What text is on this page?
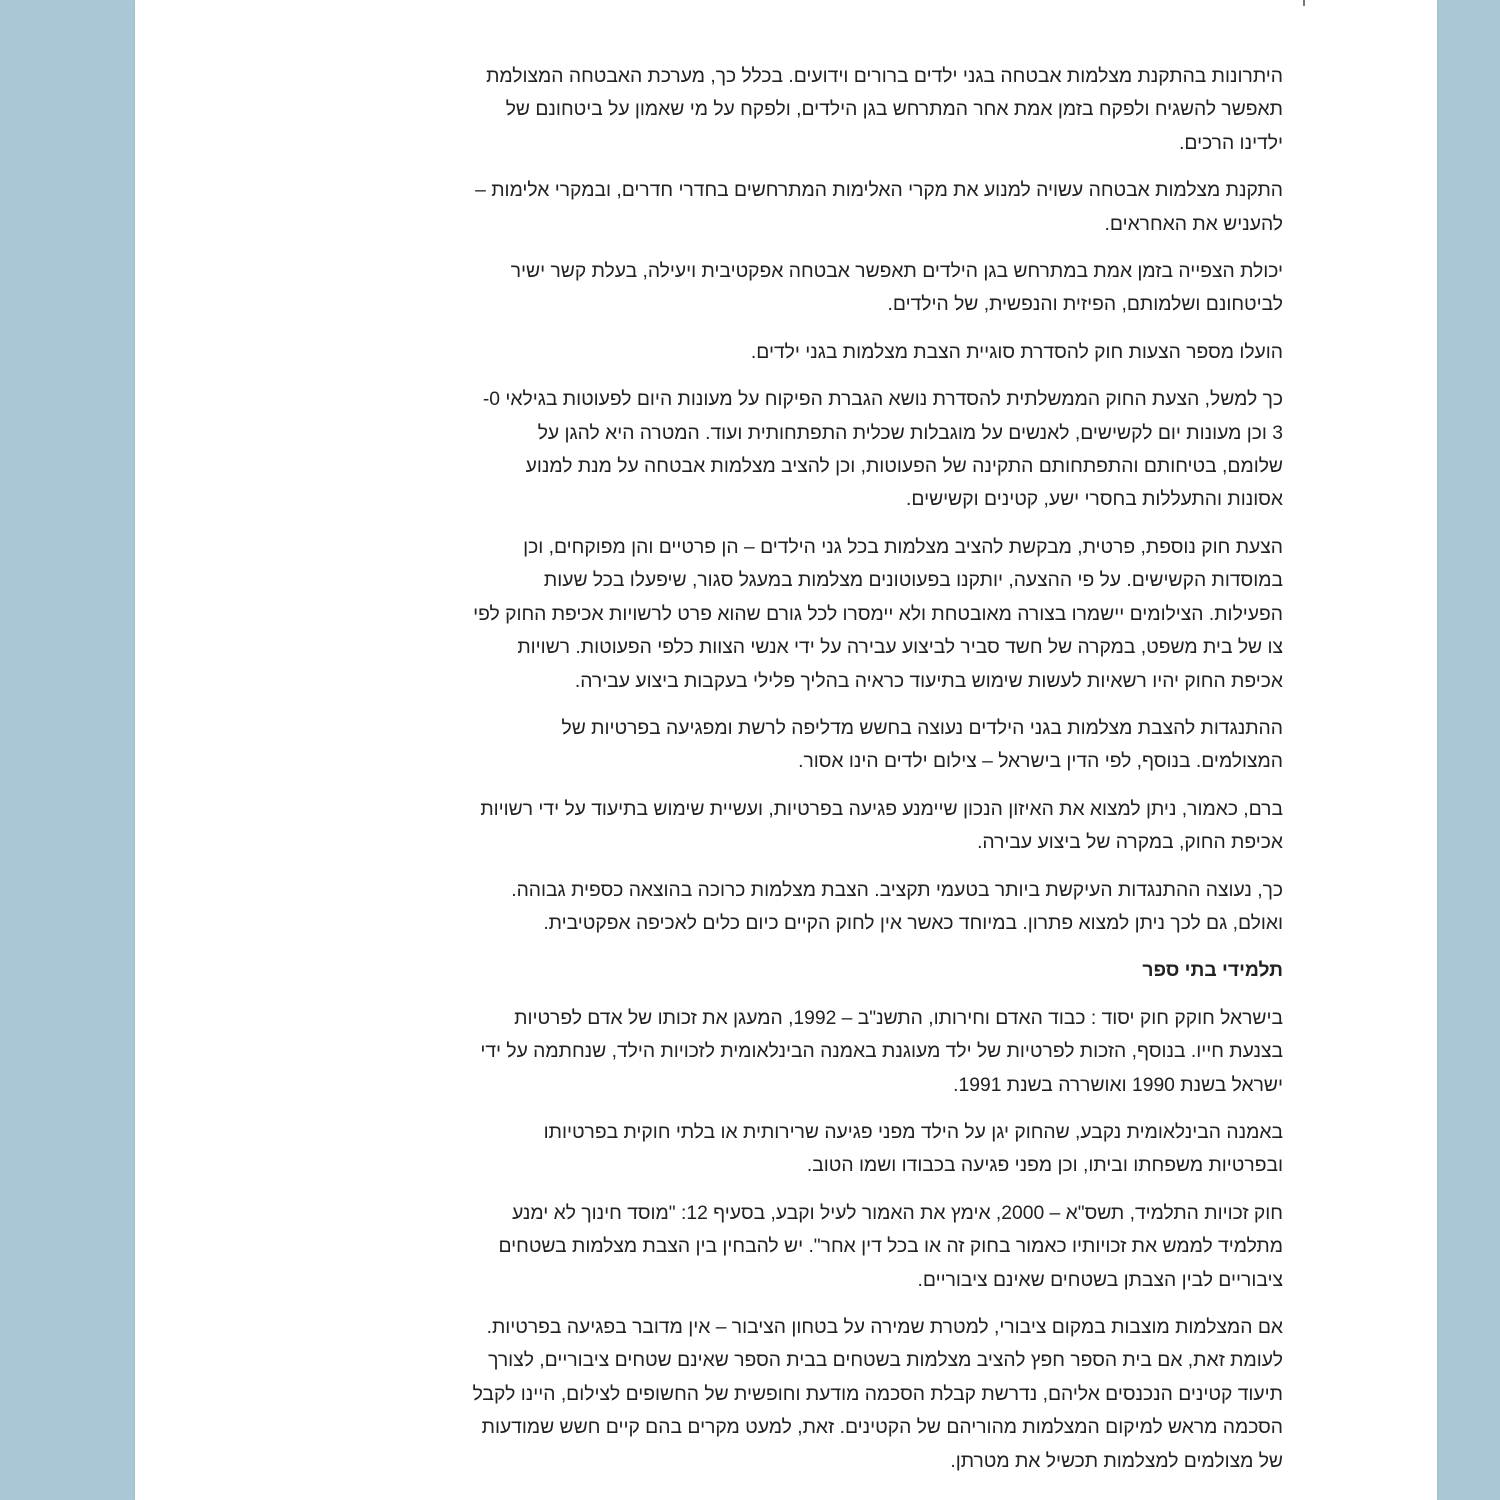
היתרונות בהתקנת מצלמות אבטחה בגני ילדים ברורים וידועים. בכלל כך, מערכת האבטחה המצולמת
תאפשר להשגיח ולפקח בזמן אמת אחר המתרחש בגן הילדים, ולפקח על מי שאמון על ביטחונם של
ילדינו הרכים.

התקנת מצלמות אבטחה עשויה למנוע את מקרי האלימות המתרחשים בחדרי חדרים, ובמקרי אלימות –
להעניש את האחראים.

יכולת הצפייה בזמן אמת במתרחש בגן הילדים תאפשר אבטחה אפקטיבית ויעילה, בעלת קשר ישיר
לביטחונם ושלמותם, הפיזית והנפשית, של הילדים.

הועלו מספר הצעות חוק להסדרת סוגיית הצבת מצלמות בגני ילדים.

כך למשל, הצעת החוק הממשלתית להסדרת נושא הגברת הפיקוח על מעונות היום לפעוטות בגילאי 0-
3 וכן מעונות יום לקשישים, לאנשים על מוגבלות שכלית התפתחותית ועוד. המטרה היא להגן על
שלומם, בטיחותם והתפתחותם התקינה של הפעוטות, וכן להציב מצלמות אבטחה על מנת למנוע
אסונות והתעללות בחסרי ישע, קטינים וקשישים.

הצעת חוק נוספת, פרטית, מבקשת להציב מצלמות בכל גני הילדים – הן פרטיים והן מפוקחים, וכן
במוסדות הקשישים. על פי ההצעה, יותקנו בפעוטונים מצלמות במעגל סגור, שיפעלו בכל שעות
הפעילות. הצילומים יישמרו בצורה מאובטחת ולא יימסרו לכל גורם שהוא פרט לרשויות אכיפת החוק לפי
צו של בית משפט, במקרה של חשד סביר לביצוע עבירה על ידי אנשי הצוות כלפי הפעוטות. רשויות
אכיפת החוק יהיו רשאיות לעשות שימוש בתיעוד כראיה בהליך פלילי בעקבות ביצוע עבירה.

ההתנגדות להצבת מצלמות בגני הילדים נעוצה בחשש מדליפה לרשת ומפגיעה בפרטיות של
המצולמים. בנוסף, לפי הדין בישראל – צילום ילדים הינו אסור.

ברם, כאמור, ניתן למצוא את האיזון הנכון שיימנע פגיעה בפרטיות, ועשיית שימוש בתיעוד על ידי רשויות
אכיפת החוק, במקרה של ביצוע עבירה.

כך, נעוצה ההתנגדות העיקשת ביותר בטעמי תקציב. הצבת מצלמות כרוכה בהוצאה כספית גבוהה.
ואולם, גם לכך ניתן למצוא פתרון. במיוחד כאשר אין לחוק הקיים כיום כלים לאכיפה אפקטיבית.

תלמידי בתי ספר

בישראל חוקק חוק יסוד : כבוד האדם וחירותו, התשנ"ב – 1992, המעגן את זכותו של אדם לפרטיות
בצנעת חייו. בנוסף, הזכות לפרטיות של ילד מעוגנת באמנה הבינלאומית לזכויות הילד, שנחתמה על ידי
ישראל בשנת 1990 ואושררה בשנת 1991.

באמנה הבינלאומית נקבע, שהחוק יגן על הילד מפני פגיעה שרירותית או בלתי חוקית בפרטיותו
ובפרטיות משפחתו וביתו, וכן מפני פגיעה בכבודו ושמו הטוב.

חוק זכויות התלמיד, תשס"א – 2000, אימץ את האמור לעיל וקבע, בסעיף 12: "מוסד חינוך לא ימנע
מתלמיד לממש את זכויותיו כאמור בחוק זה או בכל דין אחר". יש להבחין בין הצבת מצלמות בשטחים
ציבוריים לבין הצבתן בשטחים שאינם ציבוריים.

אם המצלמות מוצבות במקום ציבורי, למטרת שמירה על בטחון הציבור – אין מדובר בפגיעה בפרטיות.
לעומת זאת, אם בית הספר חפץ להציב מצלמות בשטחים בבית הספר שאינם שטחים ציבוריים, לצורך
תיעוד קטינים הנכנסים אליהם, נדרשת קבלת הסכמה מודעת וחופשית של החשופים לצילום, היינו לקבל
הסכמה מראש למיקום המצלמות מהוריהם של הקטינים. זאת, למעט מקרים בהם קיים חשש שמודעות
של מצולמים למצלמות תכשיל את מטרתן.
